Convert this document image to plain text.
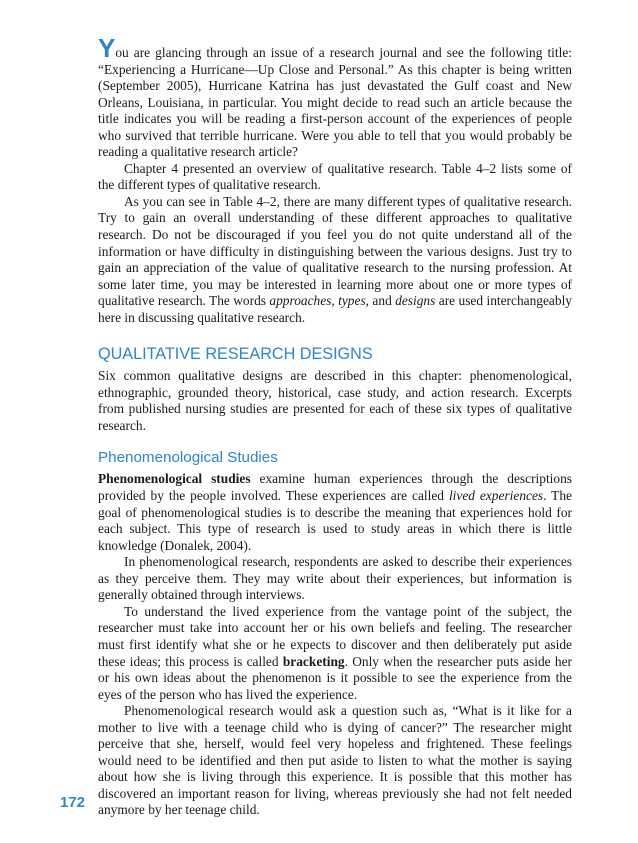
You are glancing through an issue of a research journal and see the following title: “Experiencing a Hurricane—Up Close and Personal.” As this chapter is being written (September 2005), Hurricane Katrina has just devastated the Gulf coast and New Orleans, Louisiana, in particular. You might decide to read such an article because the title indicates you will be reading a first-person account of the experiences of people who survived that terrible hurricane. Were you able to tell that you would probably be reading a qualitative research article?

Chapter 4 presented an overview of qualitative research. Table 4–2 lists some of the different types of qualitative research.

As you can see in Table 4–2, there are many different types of qualitative research. Try to gain an overall understanding of these different approaches to qualitative research. Do not be discouraged if you feel you do not quite understand all of the information or have difficulty in distinguishing between the various designs. Just try to gain an appreciation of the value of qualitative research to the nursing profession. At some later time, you may be interested in learning more about one or more types of qualitative research. The words approaches, types, and designs are used interchangeably here in discussing qualitative research.

QUALITATIVE RESEARCH DESIGNS

Six common qualitative designs are described in this chapter: phenomenological, ethnographic, grounded theory, historical, case study, and action research. Excerpts from published nursing studies are presented for each of these six types of qualitative research.

Phenomenological Studies

Phenomenological studies examine human experiences through the descriptions provided by the people involved. These experiences are called lived experiences. The goal of phenomenological studies is to describe the meaning that experiences hold for each subject. This type of research is used to study areas in which there is little knowledge (Donalek, 2004).

In phenomenological research, respondents are asked to describe their experiences as they perceive them. They may write about their experiences, but information is generally obtained through interviews.

To understand the lived experience from the vantage point of the subject, the researcher must take into account her or his own beliefs and feeling. The researcher must first identify what she or he expects to discover and then deliberately put aside these ideas; this process is called bracketing. Only when the researcher puts aside her or his own ideas about the phenomenon is it possible to see the experience from the eyes of the person who has lived the experience.

Phenomenological research would ask a question such as, “What is it like for a mother to live with a teenage child who is dying of cancer?” The researcher might perceive that she, herself, would feel very hopeless and frightened. These feelings would need to be identified and then put aside to listen to what the mother is saying about how she is living through this experience. It is possible that this mother has discovered an important reason for living, whereas previously she had not felt needed anymore by her teenage child.

172
